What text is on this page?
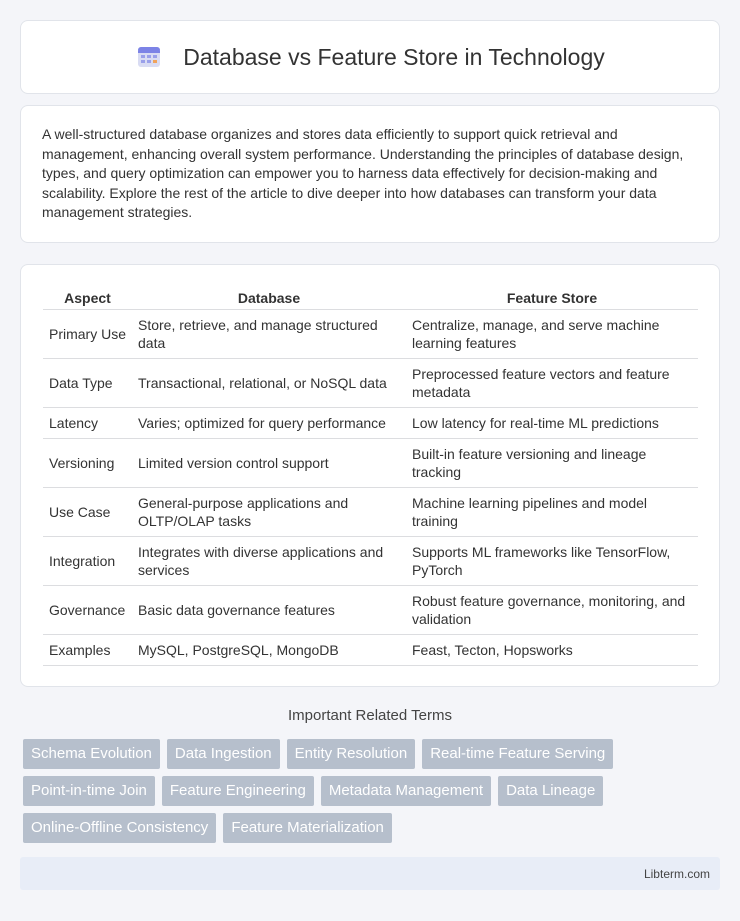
Database vs Feature Store in Technology

A well-structured database organizes and stores data efficiently to support quick retrieval and management, enhancing overall system performance. Understanding the principles of database design, types, and query optimization can empower you to harness data effectively for decision-making and scalability. Explore the rest of the article to dive deeper into how databases can transform your data management strategies.

Aspect	Database	Feature Store
Primary Use	Store, retrieve, and manage structured data	Centralize, manage, and serve machine learning features
Data Type	Transactional, relational, or NoSQL data	Preprocessed feature vectors and feature metadata
Latency	Varies; optimized for query performance	Low latency for real-time ML predictions
Versioning	Limited version control support	Built-in feature versioning and lineage tracking
Use Case	General-purpose applications and OLTP/OLAP tasks	Machine learning pipelines and model training
Integration	Integrates with diverse applications and services	Supports ML frameworks like TensorFlow, PyTorch
Governance	Basic data governance features	Robust feature governance, monitoring, and validation
Examples	MySQL, PostgreSQL, MongoDB	Feast, Tecton, Hopsworks
Important Related Terms
Schema Evolution	Data Ingestion	Entity Resolution	Real-time Feature Serving
Point-in-time Join	Feature Engineering	Metadata Management	Data Lineage
Online-Offline Consistency	Feature Materialization
Libterm.com
